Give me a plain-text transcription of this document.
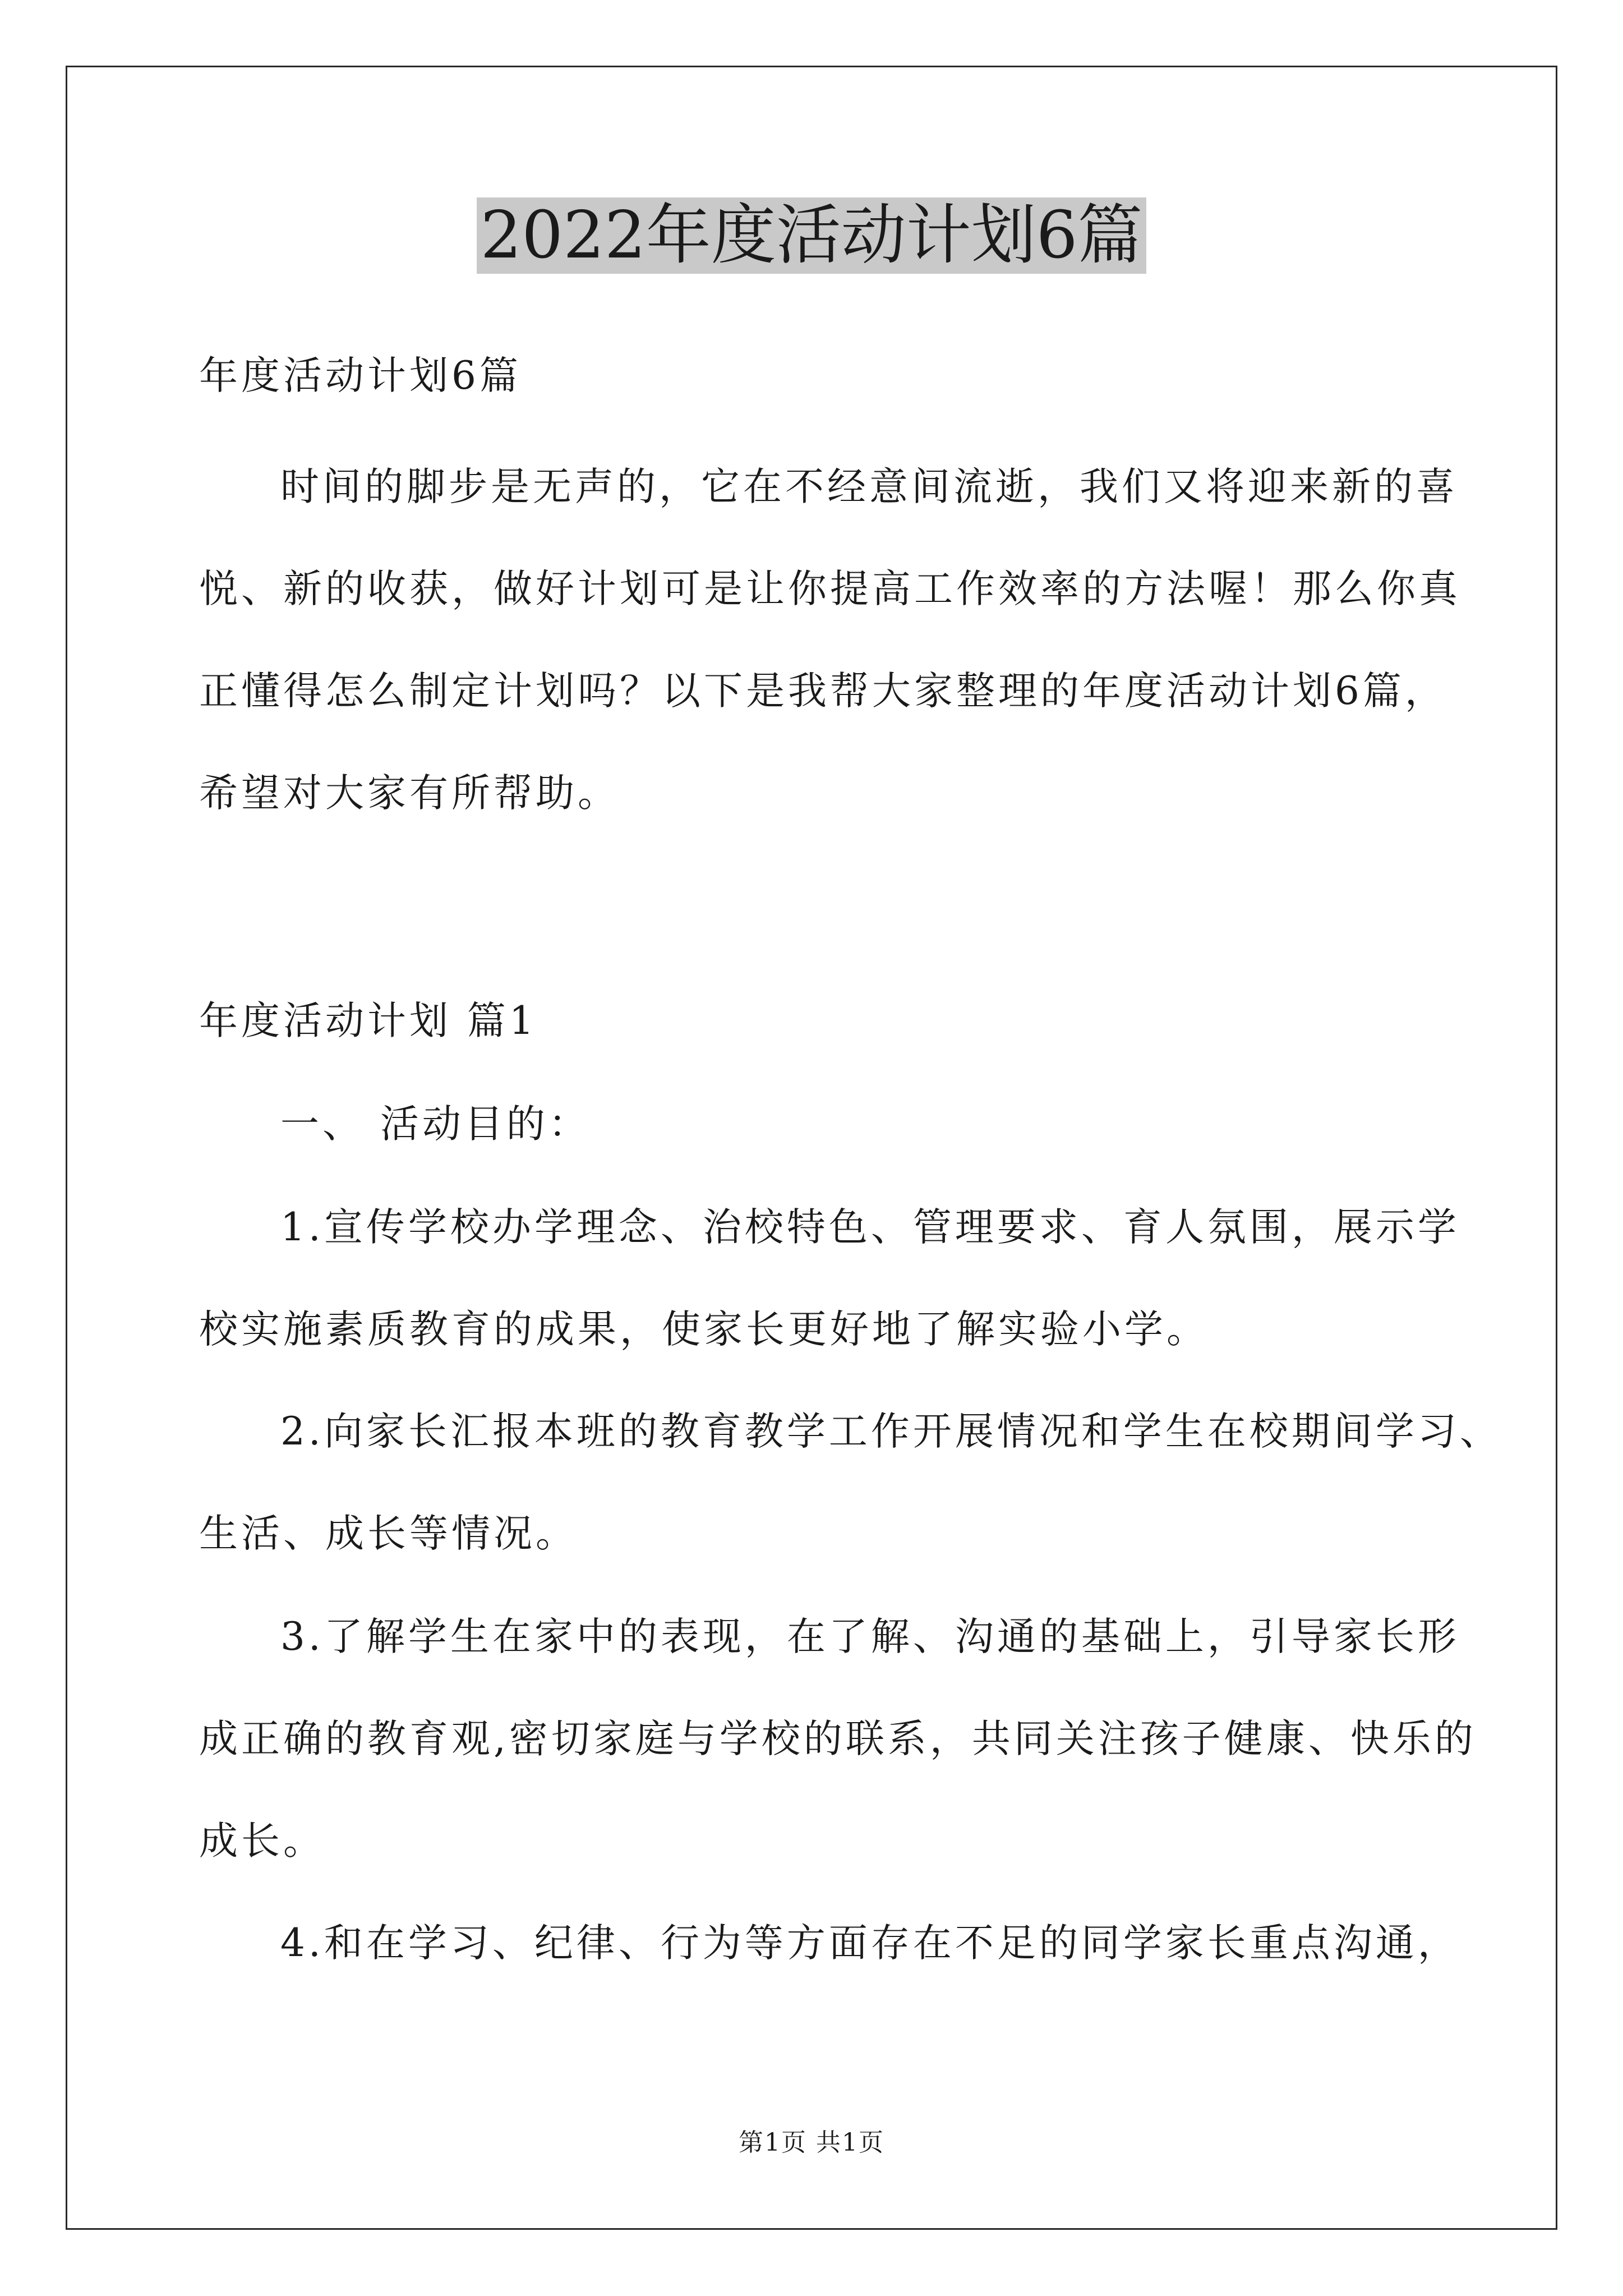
2022年度活动计划6篇
年度活动计划6篇
时间的脚步是无声的，它在不经意间流逝，我们又将迎来新的喜
悦、新的收获，做好计划可是让你提高工作效率的方法喔！那么你真
正懂得怎么制定计划吗？以下是我帮大家整理的年度活动计划6篇，
希望对大家有所帮助。
年度活动计划 篇1
一、 活动目的：
1.宣传学校办学理念、治校特色、管理要求、育人氛围，展示学
校实施素质教育的成果，使家长更好地了解实验小学。
2.向家长汇报本班的教育教学工作开展情况和学生在校期间学习、
生活、成长等情况。
3.了解学生在家中的表现，在了解、沟通的基础上，引导家长形
成正确的教育观,密切家庭与学校的联系，共同关注孩子健康、快乐的
成长。
4.和在学习、纪律、行为等方面存在不足的同学家长重点沟通，
第1页 共1页
